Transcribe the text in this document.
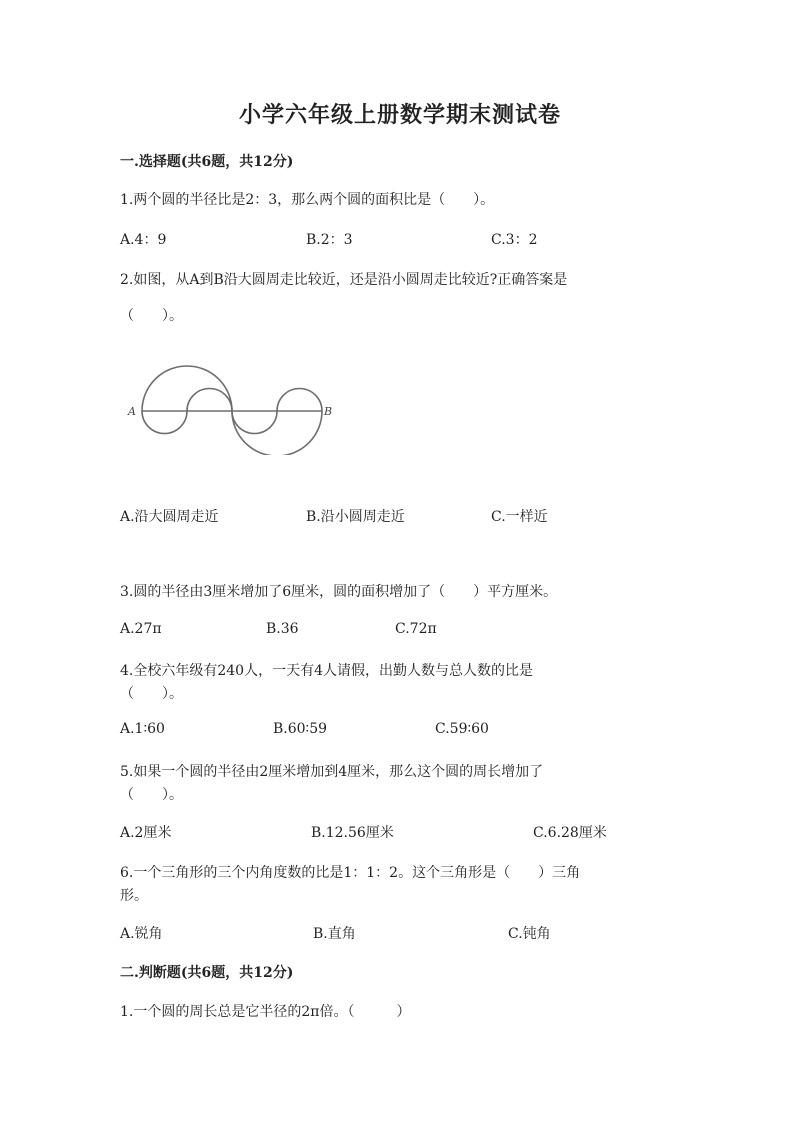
小学六年级上册数学期末测试卷
一.选择题(共6题，共12分)
1.两个圆的半径比是2：3，那么两个圆的面积比是（　　）。
A.4：9	B.2：3	C.3：2
2.如图，从A到B沿大圆周走比较近，还是沿小圆周走比较近?正确答案是
（　　）。
A	B
A.沿大圆周走近	B.沿小圆周走近	C.一样近
3.圆的半径由3厘米增加了6厘米，圆的面积增加了（　　）平方厘米。
A.27π	B.36	C.72π
4.全校六年级有240人，一天有4人请假，出勤人数与总人数的比是
（　　）。
A.1∶60	B.60∶59	C.59∶60
5.如果一个圆的半径由2厘米增加到4厘米，那么这个圆的周长增加了
（　　）。
A.2厘米	B.12.56厘米	C.6.28厘米
6.一个三角形的三个内角度数的比是1：1：2。这个三角形是（　　）三角
形。
A.锐角	B.直角	C.钝角
二.判断题(共6题，共12分)
1.一个圆的周长总是它半径的2π倍。（　　　）
